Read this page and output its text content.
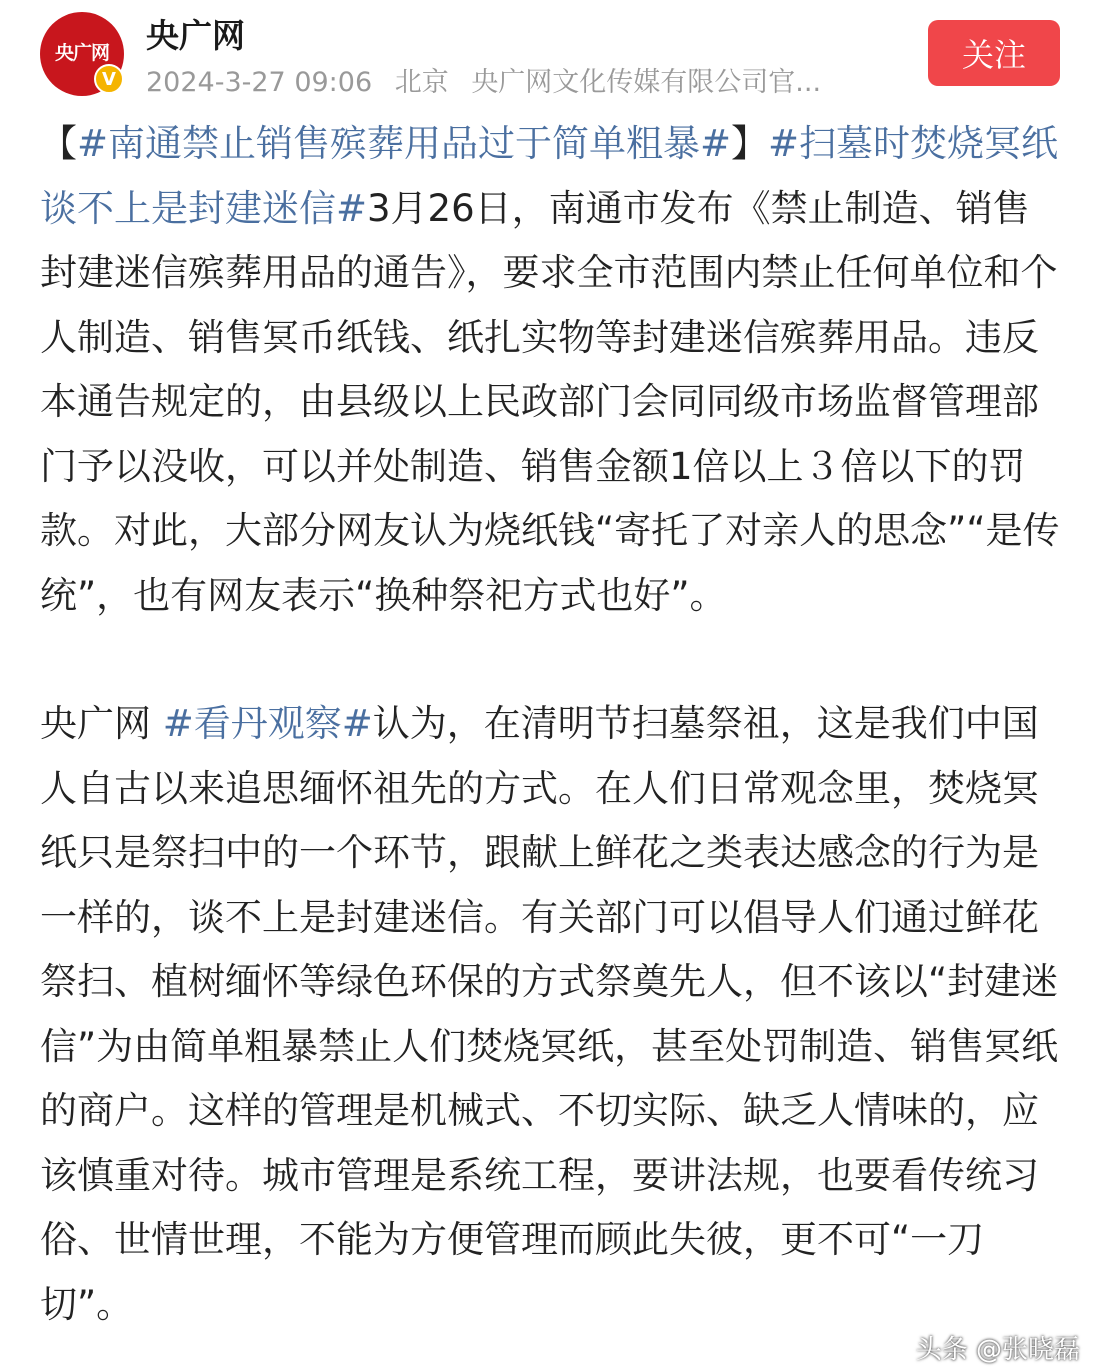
央广网
V
央广网
2024-3-27 09:06 北京 央广网文化传媒有限公司官...
关注

【#南通禁止销售殡葬用品过于简单粗暴#】#扫墓时焚烧冥纸谈不上是封建迷信#3月26日，南通市发布《禁止制造、销售封建迷信殡葬用品的通告》，要求全市范围内禁止任何单位和个人制造、销售冥币纸钱、纸扎实物等封建迷信殡葬用品。违反本通告规定的，由县级以上民政部门会同同级市场监督管理部门予以没收，可以并处制造、销售金额1倍以上３倍以下的罚款。对此，大部分网友认为烧纸钱“寄托了对亲人的思念”“是传统”，也有网友表示“换种祭祀方式也好”。

央广网 #看丹观察#认为，在清明节扫墓祭祖，这是我们中国人自古以来追思缅怀祖先的方式。在人们日常观念里，焚烧冥纸只是祭扫中的一个环节，跟献上鲜花之类表达感念的行为是一样的，谈不上是封建迷信。有关部门可以倡导人们通过鲜花祭扫、植树缅怀等绿色环保的方式祭奠先人，但不该以“封建迷信”为由简单粗暴禁止人们焚烧冥纸，甚至处罚制造、销售冥纸的商户。这样的管理是机械式、不切实际、缺乏人情味的，应该慎重对待。城市管理是系统工程，要讲法规，也要看传统习俗、世情世理，不能为方便管理而顾此失彼，更不可“一刀切”。

头条 @张晓磊
